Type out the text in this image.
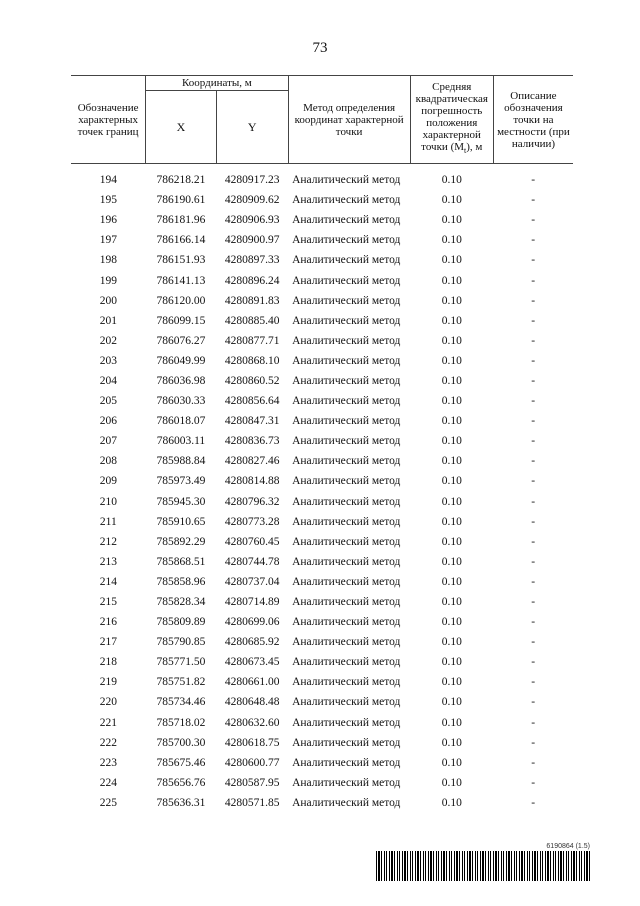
73
Обозначение характерных точек границ	Координаты, м		Метод определения координат характерной точки	Средняя квадратическая погрешность положения характерной точки $(M_t)$, м	Описание обозначения точки на местности (при наличии)
	X	Y			
194	786218.21	4280917.23	Аналитический метод	0.10	-
195	786190.61	4280909.62	Аналитический метод	0.10	-
196	786181.96	4280906.93	Аналитический метод	0.10	-
197	786166.14	4280900.97	Аналитический метод	0.10	-
198	786151.93	4280897.33	Аналитический метод	0.10	-
199	786141.13	4280896.24	Аналитический метод	0.10	-
200	786120.00	4280891.83	Аналитический метод	0.10	-
201	786099.15	4280885.40	Аналитический метод	0.10	-
202	786076.27	4280877.71	Аналитический метод	0.10	-
203	786049.99	4280868.10	Аналитический метод	0.10	-
204	786036.98	4280860.52	Аналитический метод	0.10	-
205	786030.33	4280856.64	Аналитический метод	0.10	-
206	786018.07	4280847.31	Аналитический метод	0.10	-
207	786003.11	4280836.73	Аналитический метод	0.10	-
208	785988.84	4280827.46	Аналитический метод	0.10	-
209	785973.49	4280814.88	Аналитический метод	0.10	-
210	785945.30	4280796.32	Аналитический метод	0.10	-
211	785910.65	4280773.28	Аналитический метод	0.10	-
212	785892.29	4280760.45	Аналитический метод	0.10	-
213	785868.51	4280744.78	Аналитический метод	0.10	-
214	785858.96	4280737.04	Аналитический метод	0.10	-
215	785828.34	4280714.89	Аналитический метод	0.10	-
216	785809.89	4280699.06	Аналитический метод	0.10	-
217	785790.85	4280685.92	Аналитический метод	0.10	-
218	785771.50	4280673.45	Аналитический метод	0.10	-
219	785751.82	4280661.00	Аналитический метод	0.10	-
220	785734.46	4280648.48	Аналитический метод	0.10	-
221	785718.02	4280632.60	Аналитический метод	0.10	-
222	785700.30	4280618.75	Аналитический метод	0.10	-
223	785675.46	4280600.77	Аналитический метод	0.10	-
224	785656.76	4280587.95	Аналитический метод	0.10	-
225	785636.31	4280571.85	Аналитический метод	0.10	-
6190864 (1.5)
